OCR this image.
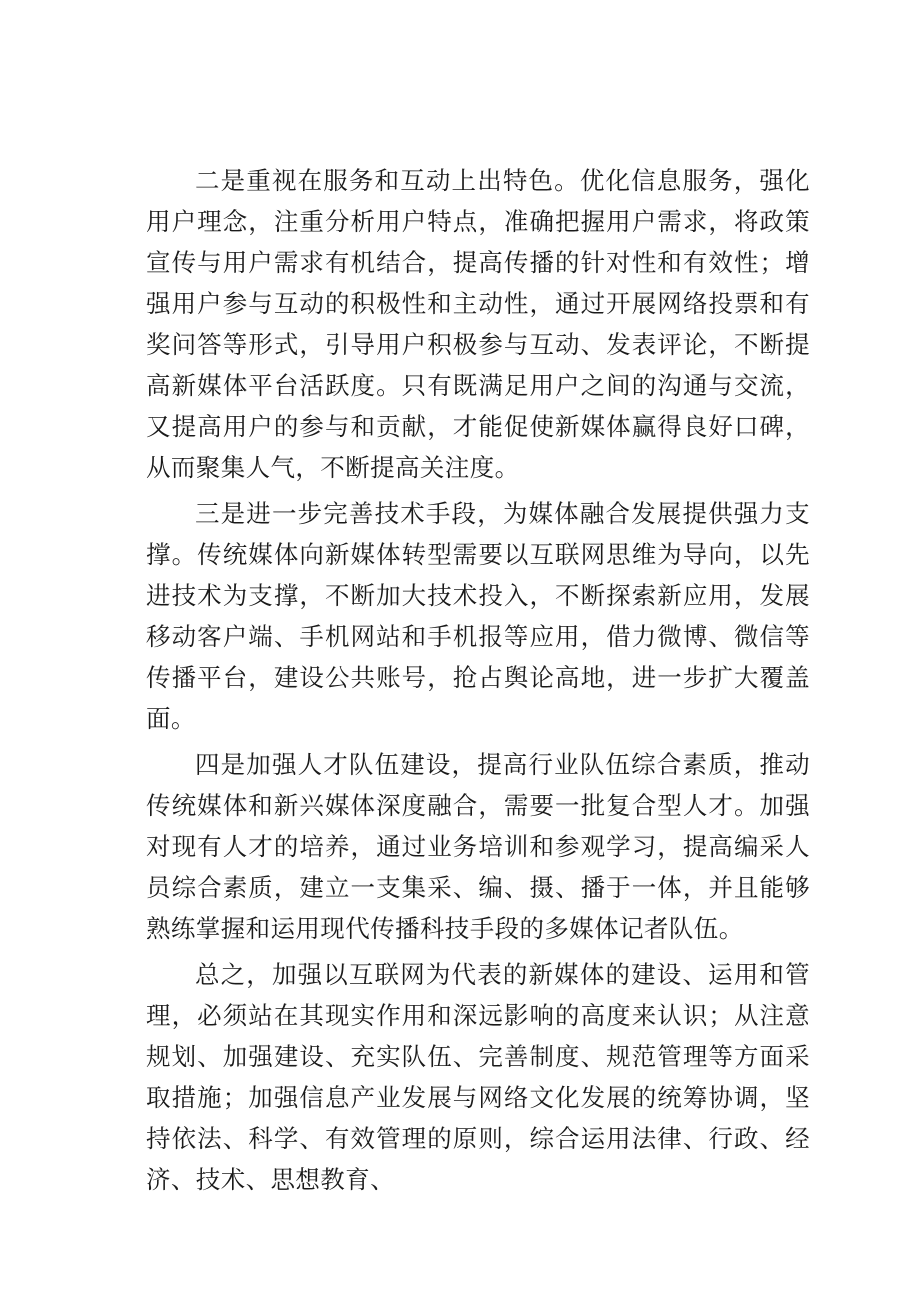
二是重视在服务和互动上出特色。优化信息服务，强化用户理念，注重分析用户特点，准确把握用户需求，将政策宣传与用户需求有机结合，提高传播的针对性和有效性；增强用户参与互动的积极性和主动性，通过开展网络投票和有奖问答等形式，引导用户积极参与互动、发表评论，不断提高新媒体平台活跃度。只有既满足用户之间的沟通与交流，又提高用户的参与和贡献，才能促使新媒体赢得良好口碑，从而聚集人气，不断提高关注度。

三是进一步完善技术手段，为媒体融合发展提供强力支撑。传统媒体向新媒体转型需要以互联网思维为导向，以先进技术为支撑，不断加大技术投入，不断探索新应用，发展移动客户端、手机网站和手机报等应用，借力微博、微信等传播平台，建设公共账号，抢占舆论高地，进一步扩大覆盖面。

四是加强人才队伍建设，提高行业队伍综合素质，推动传统媒体和新兴媒体深度融合，需要一批复合型人才。加强对现有人才的培养，通过业务培训和参观学习，提高编采人员综合素质，建立一支集采、编、摄、播于一体，并且能够熟练掌握和运用现代传播科技手段的多媒体记者队伍。

总之，加强以互联网为代表的新媒体的建设、运用和管理，必须站在其现实作用和深远影响的高度来认识；从注意规划、加强建设、充实队伍、完善制度、规范管理等方面采取措施；加强信息产业发展与网络文化发展的统筹协调，坚持依法、科学、有效管理的原则，综合运用法律、行政、经济、技术、思想教育、
